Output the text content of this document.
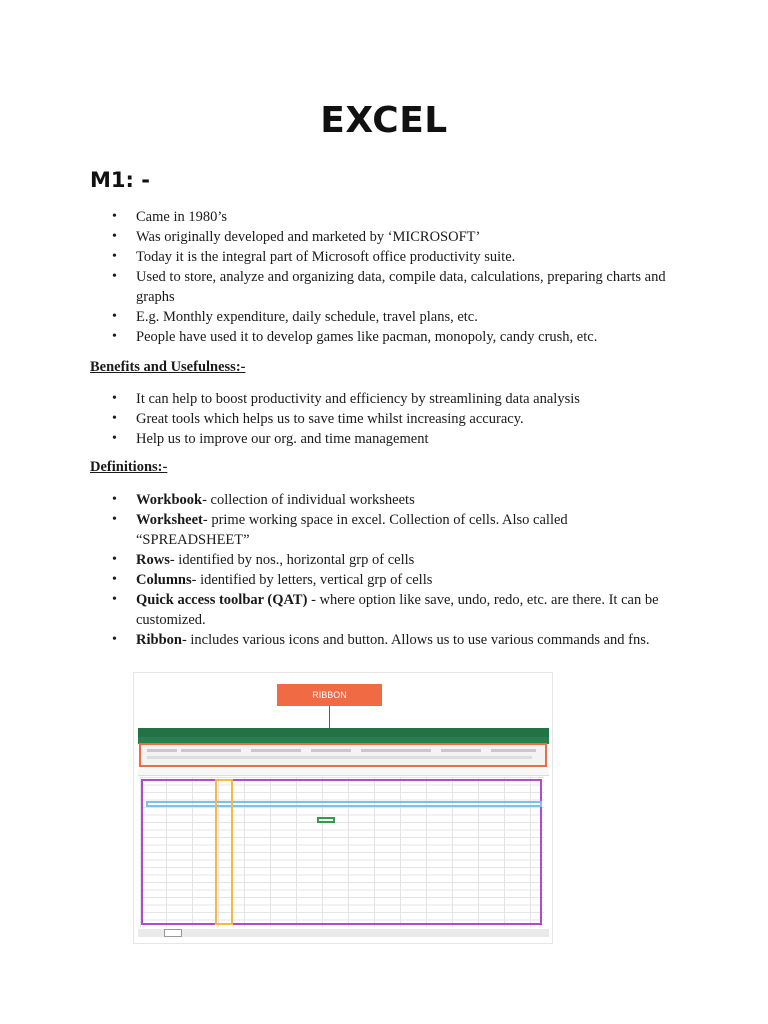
EXCEL
M1: -
• Came in 1980’s
• Was originally developed and marketed by ‘MICROSOFT’
• Today it is the integral part of Microsoft office productivity suite.
• Used to store, analyze and organizing data, compile data, calculations, preparing charts and graphs
• E.g. Monthly expenditure, daily schedule, travel plans, etc.
• People have used it to develop games like pacman, monopoly, candy crush, etc.
Benefits and Usefulness:-
• It can help to boost productivity and efficiency by streamlining data analysis
• Great tools which helps us to save time whilst increasing accuracy.
• Help us to improve our org. and time management
Definitions:-
• Workbook- collection of individual worksheets
• Worksheet- prime working space in excel. Collection of cells. Also called “SPREADSHEET”
• Rows- identified by nos., horizontal grp of cells
• Columns- identified by letters, vertical grp of cells
• Quick access toolbar (QAT) - where option like save, undo, redo, etc. are there. It can be customized.
• Ribbon- includes various icons and button. Allows us to use various commands and fns.
RIBBON
